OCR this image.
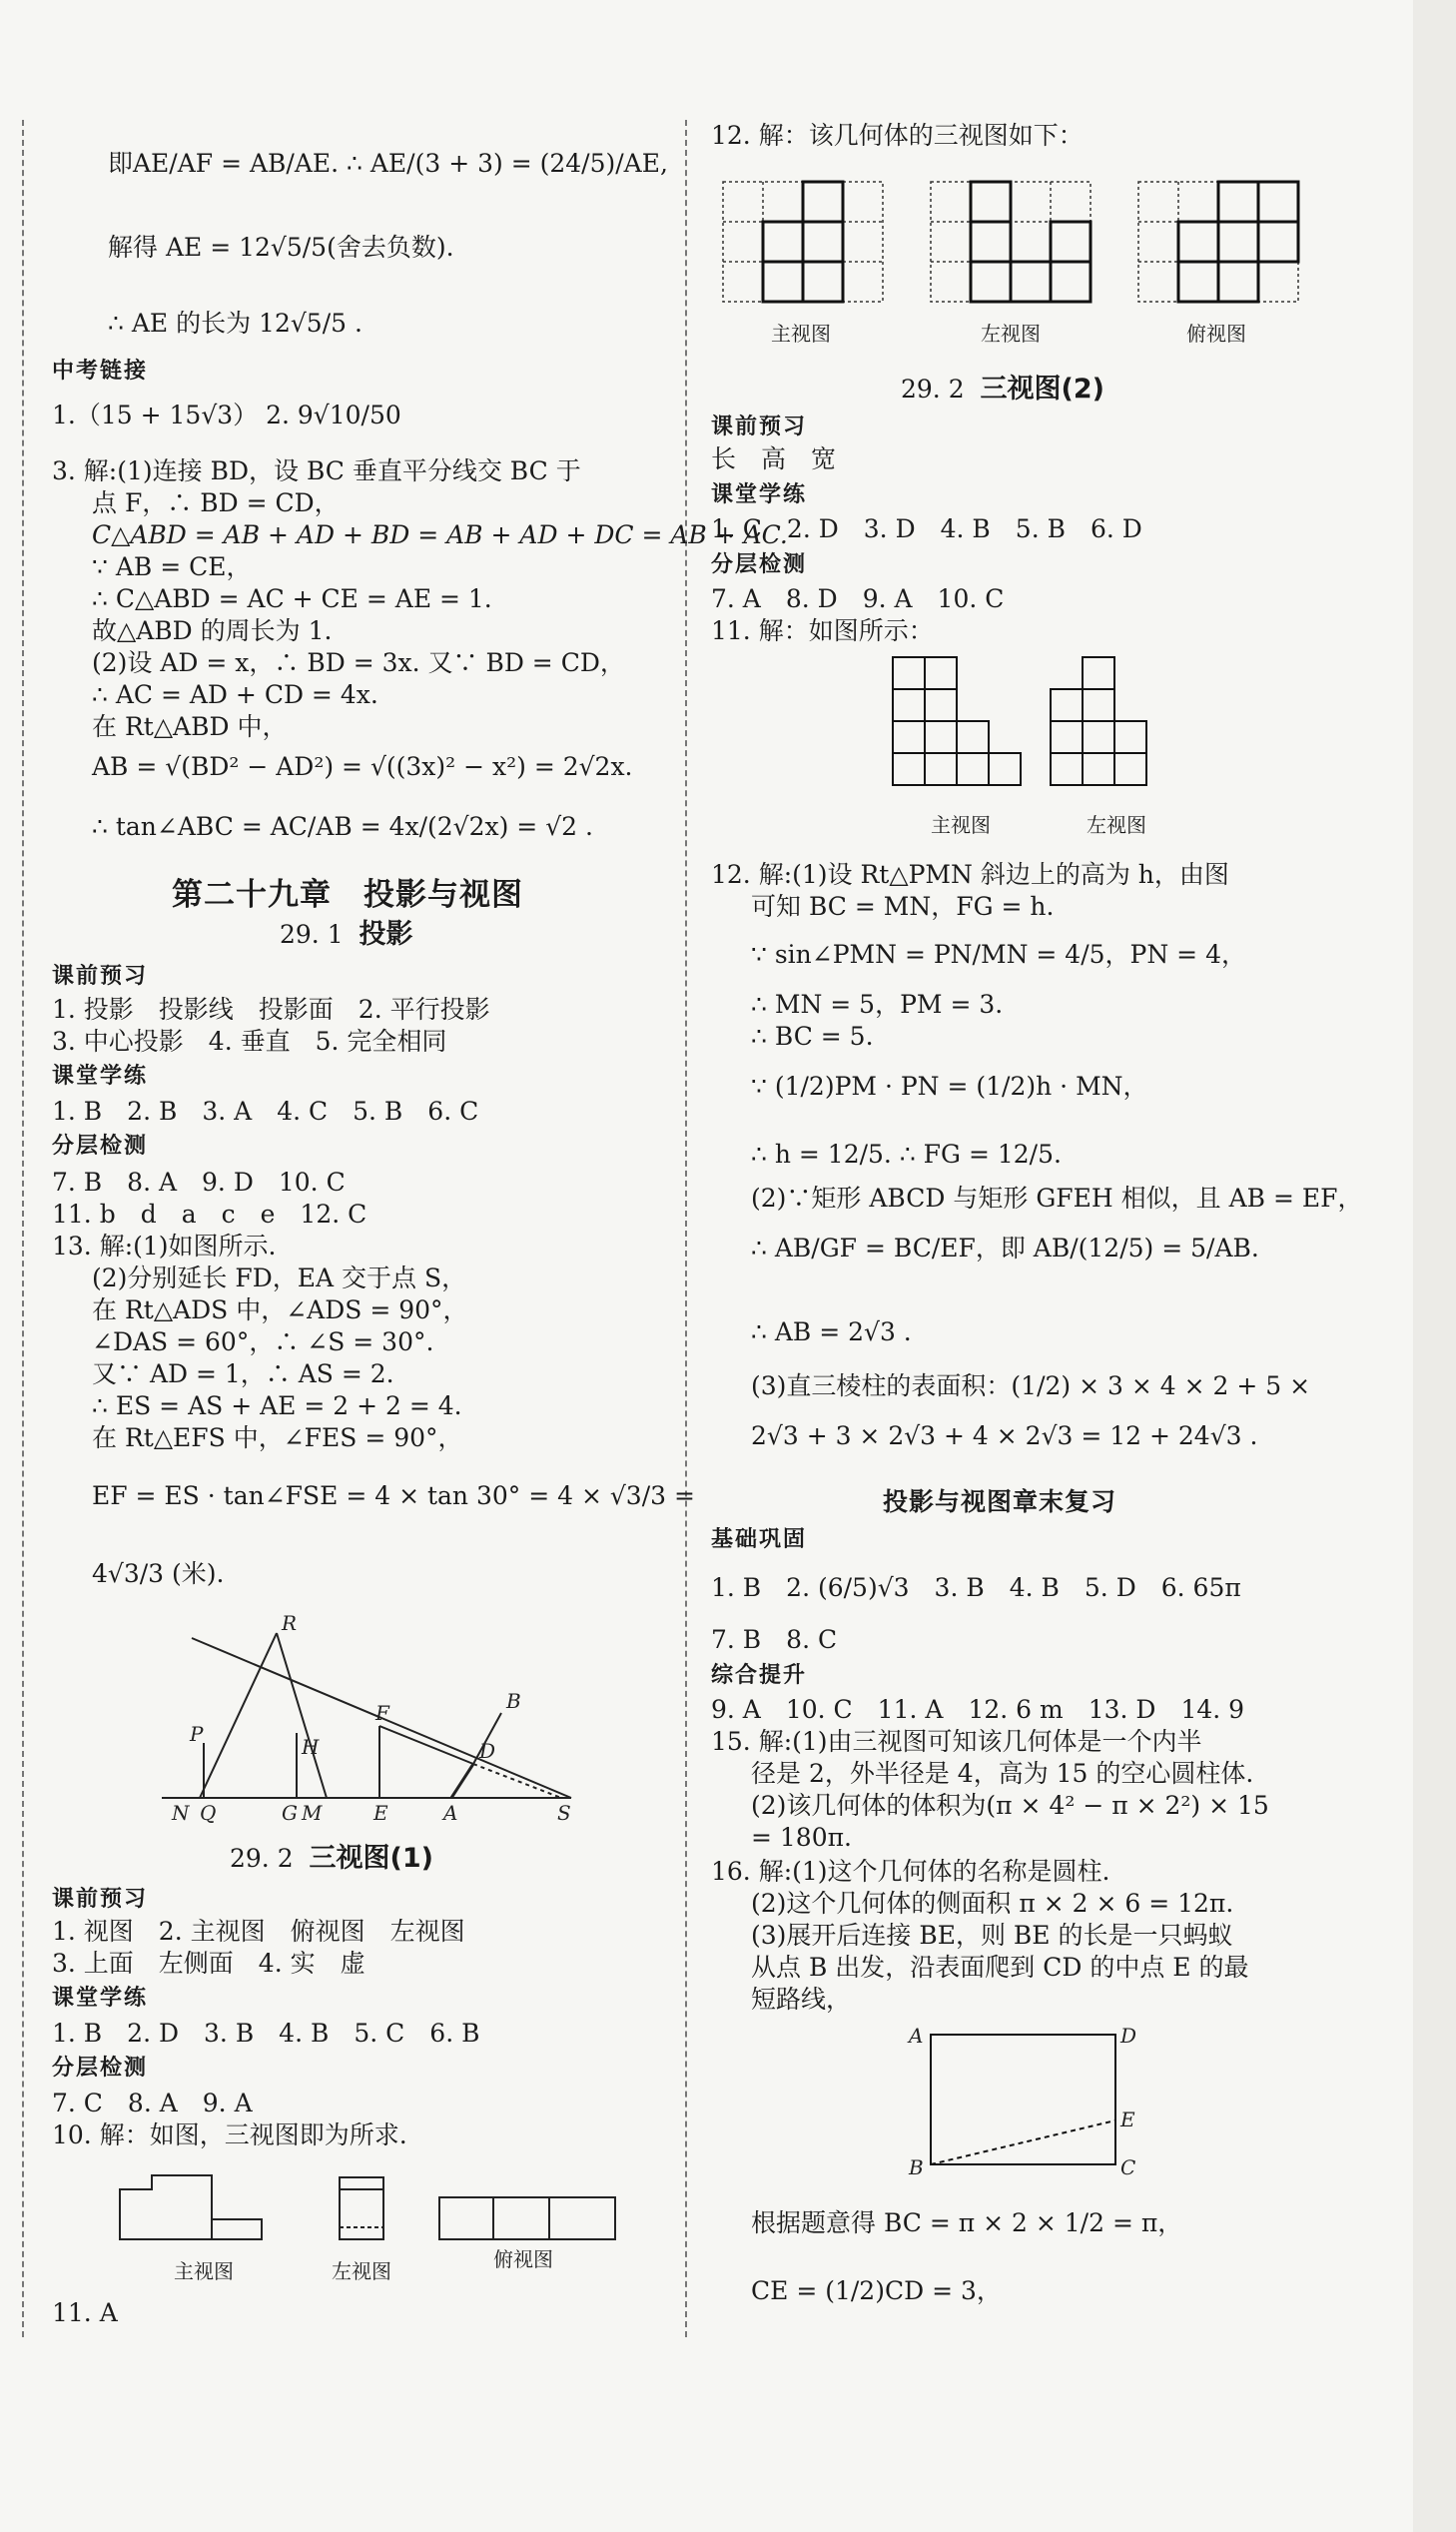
即AE/AF = AB/AE. ∴ AE/(3 + 3) = (24/5)/AE,
解得 AE = 12√5/5(舍去负数).
∴ AE 的长为 12√5/5 .
中考链接
1.（15 + 15√3） 2. 9√10/50
3. 解:(1)连接 BD，设 BC 垂直平分线交 BC 于
点 F，∴ BD = CD，
C△ABD = AB + AD + BD = AB + AD + DC = AB + AC.
∵ AB = CE，
∴ C△ABD = AC + CE = AE = 1.
故△ABD 的周长为 1.
(2)设 AD = x，∴ BD = 3x. 又∵ BD = CD，
∴ AC = AD + CD = 4x.
在 Rt△ABD 中，
AB = √(BD² − AD²) = √((3x)² − x²) = 2√2x.
∴ tan∠ABC = AC/AB = 4x/(2√2x) = √2 .
第二十九章　投影与视图
29. 1 投影
课前预习
1. 投影　投影线　投影面　2. 平行投影
3. 中心投影　4. 垂直　5. 完全相同
课堂学练
1. B　2. B　3. A　4. C　5. B　6. C
分层检测
7. B　8. A　9. D　10. C
11. b　d　a　c　e　12. C
13. 解:(1)如图所示.
(2)分别延长 FD，EA 交于点 S，
在 Rt△ADS 中，∠ADS = 90°，
∠DAS = 60°，∴ ∠S = 30°.
又∵ AD = 1，∴ AS = 2.
∴ ES = AS + AE = 2 + 2 = 4.
在 Rt△EFS 中，∠FES = 90°，
EF = ES · tan∠FSE = 4 × tan 30° = 4 × √3/3 =
4√3/3 (米).
R
B
P
H
F
D
N Q	G M	E	A	S
29. 2 三视图(1)
课前预习
1. 视图　2. 主视图　俯视图　左视图
3. 上面　左侧面　4. 实　虚
课堂学练
1. B　2. D　3. B　4. B　5. C　6. B
分层检测
7. C　8. A　9. A
10. 解：如图，三视图即为所求.
主视图	左视图	俯视图
11. A
12. 解：该几何体的三视图如下：
主视图	左视图	俯视图
29. 2 三视图(2)
课前预习
长　高　宽
课堂学练
1. C　2. D　3. D　4. B　5. B　6. D
分层检测
7. A　8. D　9. A　10. C
11. 解：如图所示：
主视图	左视图
12. 解:(1)设 Rt△PMN 斜边上的高为 h，由图
可知 BC = MN，FG = h.
∵ sin∠PMN = PN/MN = 4/5，PN = 4，
∴ MN = 5，PM = 3.
∴ BC = 5.
∵ (1/2)PM · PN = (1/2)h · MN，
∴ h = 12/5. ∴ FG = 12/5.
(2)∵矩形 ABCD 与矩形 GFEH 相似，且 AB = EF，
∴ AB/GF = BC/EF，即 AB/(12/5) = 5/AB.
∴ AB = 2√3 .
(3)直三棱柱的表面积：(1/2) × 3 × 4 × 2 + 5 ×
2√3 + 3 × 2√3 + 4 × 2√3 = 12 + 24√3 .
投影与视图章末复习
基础巩固
1. B　2. (6/5)√3　3. B　4. B　5. D　6. 65π
7. B　8. C
综合提升
9. A　10. C　11. A　12. 6 m　13. D　14. 9
15. 解:(1)由三视图可知该几何体是一个内半
径是 2，外半径是 4，高为 15 的空心圆柱体.
(2)该几何体的体积为(π × 4² − π × 2²) × 15
= 180π.
16. 解:(1)这个几何体的名称是圆柱.
(2)这个几何体的侧面积 π × 2 × 6 = 12π.
(3)展开后连接 BE，则 BE 的长是一只蚂蚁
从点 B 出发，沿表面爬到 CD 的中点 E 的最
短路线，
A	D
E
B	C
根据题意得 BC = π × 2 × 1/2 = π，
CE = (1/2)CD = 3，
